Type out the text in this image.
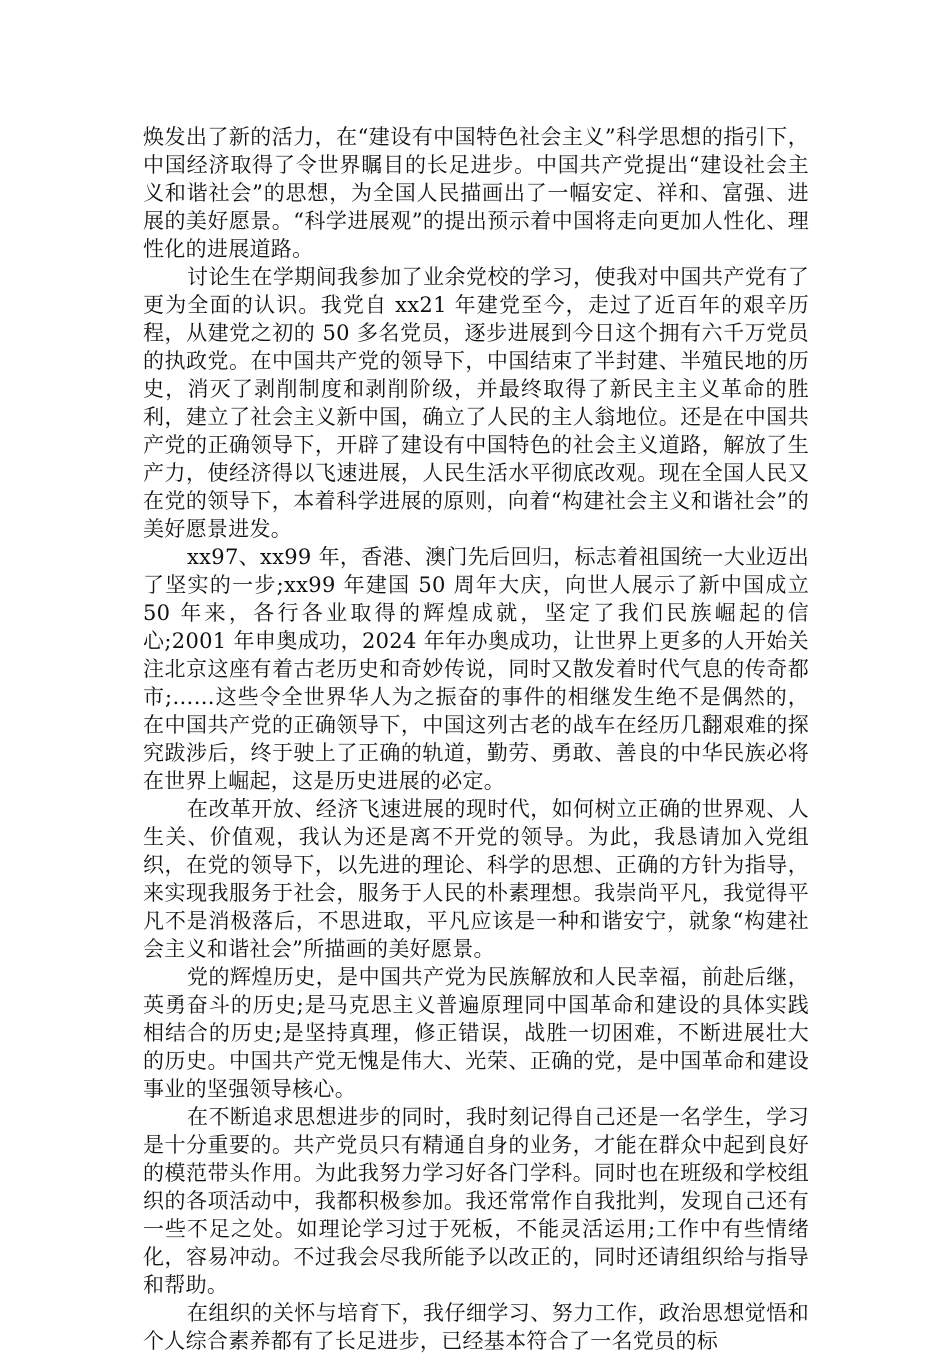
焕发出了新的活力，在“建设有中国特色社会主义”科学思想的指引下，中国经济取得了令世界瞩目的长足进步。中国共产党提出“建设社会主义和谐社会”的思想，为全国人民描画出了一幅安定、祥和、富强、进展的美好愿景。“科学进展观”的提出预示着中国将走向更加人性化、理性化的进展道路。

讨论生在学期间我参加了业余党校的学习，使我对中国共产党有了更为全面的认识。我党自 xx21 年建党至今，走过了近百年的艰辛历程，从建党之初的 50 多名党员，逐步进展到今日这个拥有六千万党员的执政党。在中国共产党的领导下，中国结束了半封建、半殖民地的历史，消灭了剥削制度和剥削阶级，并最终取得了新民主主义革命的胜利，建立了社会主义新中国，确立了人民的主人翁地位。还是在中国共产党的正确领导下，开辟了建设有中国特色的社会主义道路，解放了生产力，使经济得以飞速进展，人民生活水平彻底改观。现在全国人民又在党的领导下，本着科学进展的原则，向着“构建社会主义和谐社会”的美好愿景进发。

xx97、xx99 年，香港、澳门先后回归，标志着祖国统一大业迈出了坚实的一步;xx99 年建国 50 周年大庆，向世人展示了新中国成立 50 年来，各行各业取得的辉煌成就，坚定了我们民族崛起的信心;2001 年申奥成功，2024 年年办奥成功，让世界上更多的人开始关注北京这座有着古老历史和奇妙传说，同时又散发着时代气息的传奇都市;……这些令全世界华人为之振奋的事件的相继发生绝不是偶然的，在中国共产党的正确领导下，中国这列古老的战车在经历几翻艰难的探究跋涉后，终于驶上了正确的轨道，勤劳、勇敢、善良的中华民族必将在世界上崛起，这是历史进展的必定。

在改革开放、经济飞速进展的现时代，如何树立正确的世界观、人生关、价值观，我认为还是离不开党的领导。为此，我恳请加入党组织，在党的领导下，以先进的理论、科学的思想、正确的方针为指导，来实现我服务于社会，服务于人民的朴素理想。我崇尚平凡，我觉得平凡不是消极落后，不思进取，平凡应该是一种和谐安宁，就象“构建社会主义和谐社会”所描画的美好愿景。

党的辉煌历史，是中国共产党为民族解放和人民幸福，前赴后继，英勇奋斗的历史;是马克思主义普遍原理同中国革命和建设的具体实践相结合的历史;是坚持真理，修正错误，战胜一切困难，不断进展壮大的历史。中国共产党无愧是伟大、光荣、正确的党，是中国革命和建设事业的坚强领导核心。

在不断追求思想进步的同时，我时刻记得自己还是一名学生，学习是十分重要的。共产党员只有精通自身的业务，才能在群众中起到良好的模范带头作用。为此我努力学习好各门学科。同时也在班级和学校组织的各项活动中，我都积极参加。我还常常作自我批判，发现自己还有一些不足之处。如理论学习过于死板，不能灵活运用;工作中有些情绪化，容易冲动。不过我会尽我所能予以改正的，同时还请组织给与指导和帮助。

在组织的关怀与培育下，我仔细学习、努力工作，政治思想觉悟和个人综合素养都有了长足进步，已经基本符合了一名党员的标
